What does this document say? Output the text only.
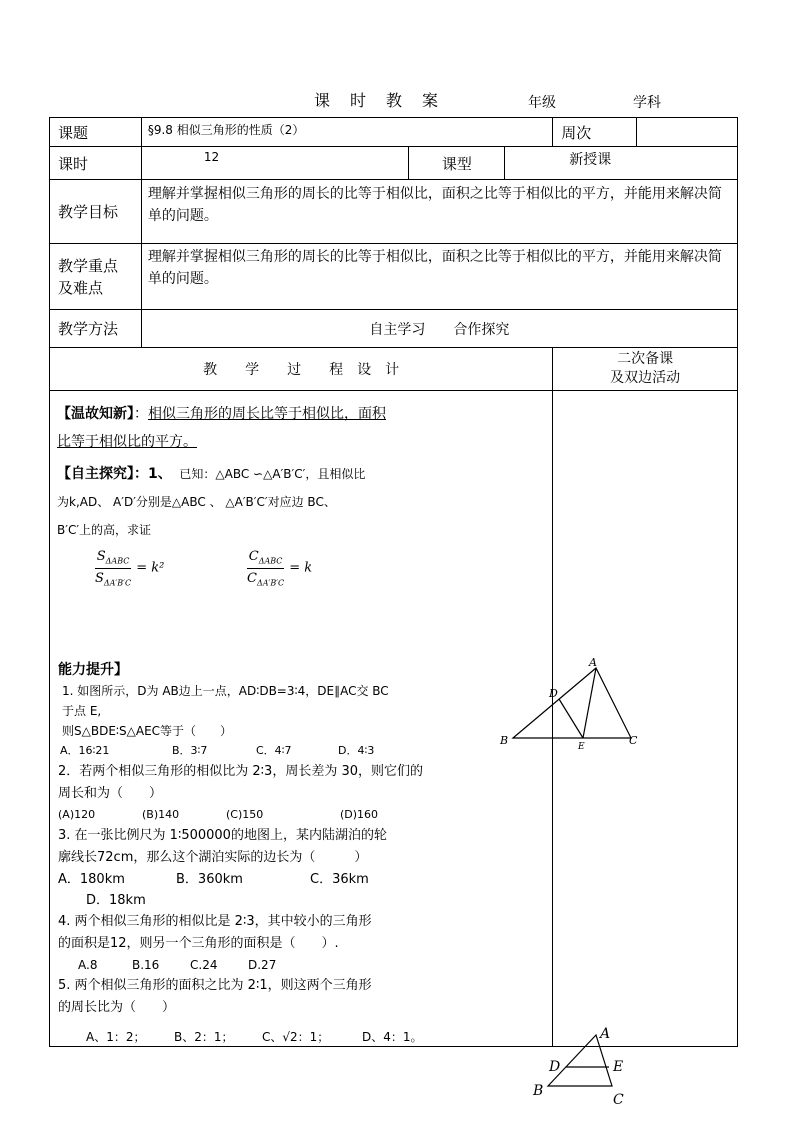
课　时　教　案	年级	学科
课题	§9.8 相似三角形的性质（2）			周次	
课时	12	课型	新授课		
教学目标	理解并掌握相似三角形的周长的比等于相似比，面积之比等于相似比的平方，并能用来解决简单的问题。				

教学重点
及难点	理解并掌握相似三角形的周长的比等于相似比，面积之比等于相似比的平方，并能用来解决简单的问题。				
教学方法	自主学习　　合作探究				
教　　学　　过　　程　设　计				二次备课
及双边活动	

【温故知新】：相似三角形的周长比等于相似比，面积
比等于相似比的平方。
【自主探究】：1、 已知：△ABC ∽△A′B′C′，且相似比
为k,AD、 A′D′分别是△ABC 、 △A′B′C′对应边 BC、
B′C′上的高，求证
$\frac{S_{\Delta ABC}}{S_{\Delta A'B'C}} = k^2$	$\frac{C_{\Delta ABC}}{C_{\Delta A'B'C}} = k$
能力提升】
1. 如图所示，D为 AB边上一点，AD∶DB=3∶4，DE∥AC交 BC
于点 E,
则S△BDE∶S△AEC等于（　　）
A．16∶21	B．3∶7	C．4∶7	D．4∶3
2．若两个相似三角形的相似比为 2∶3，周长差为 30，则它们的
周长和为（　　）
(A)120	(B)140	(C)150	(D)160
3. 在一张比例尺为 1∶500000的地图上，某内陆湖泊的轮
廓线长72cm，那么这个湖泊实际的边长为（　　　）
A．180km	B．360km	C．36km
D．18km
4. 两个相似三角形的相似比是 2∶3，其中较小的三角形
的面积是12，则另一个三角形的面积是（　　）.
A.8	B.16	C.24	D.27
5. 两个相似三角形的面积之比为 2∶1，则这两个三角形
的周长比为（　　）
A、1：2； B、2：1； C、√2：1；	D、4：1。
A
D
B	E	C
A
D	E
B
C
